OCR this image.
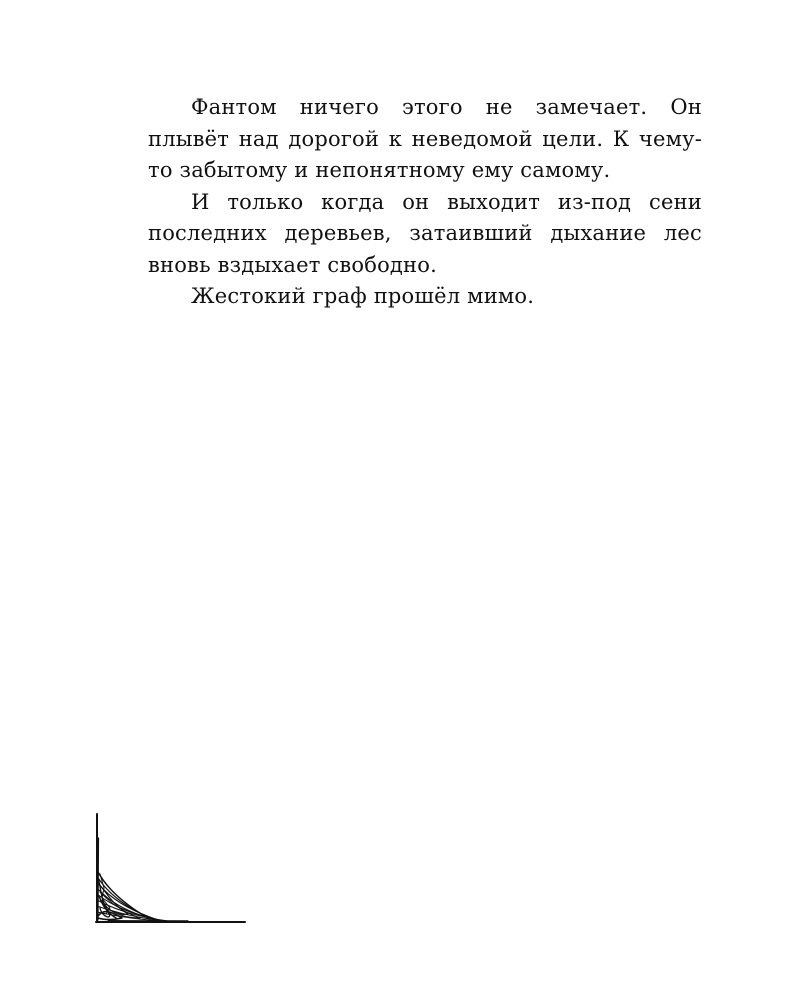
Фантом ничего этого не замечает. Он плывёт над дорогой к неведомой цели. К чему-то забытому и непонятному ему самому.

И только когда он выходит из-под сени последних деревьев, затаивший дыхание лес вновь вздыхает свободно.

Жестокий граф прошёл мимо.
